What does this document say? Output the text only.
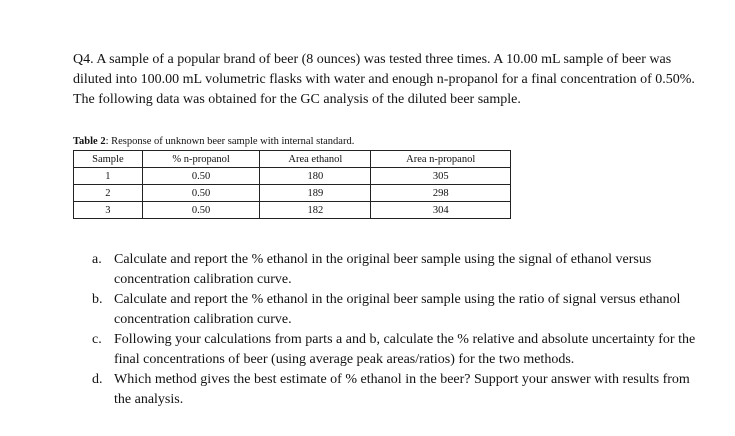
Q4. A sample of a popular brand of beer (8 ounces) was tested three times. A 10.00 mL sample of beer was diluted into 100.00 mL volumetric flasks with water and enough n-propanol for a final concentration of 0.50%. The following data was obtained for the GC analysis of the diluted beer sample.
Table 2: Response of unknown beer sample with internal standard.
Sample	% n-propanol	Area ethanol	Area n-propanol
1	0.50	180	305
2	0.50	189	298
3	0.50	182	304
a. Calculate and report the % ethanol in the original beer sample using the signal of ethanol versus concentration calibration curve.
b. Calculate and report the % ethanol in the original beer sample using the ratio of signal versus ethanol concentration calibration curve.
c. Following your calculations from parts a and b, calculate the % relative and absolute uncertainty for the final concentrations of beer (using average peak areas/ratios) for the two methods.
d. Which method gives the best estimate of % ethanol in the beer? Support your answer with results from the analysis.
